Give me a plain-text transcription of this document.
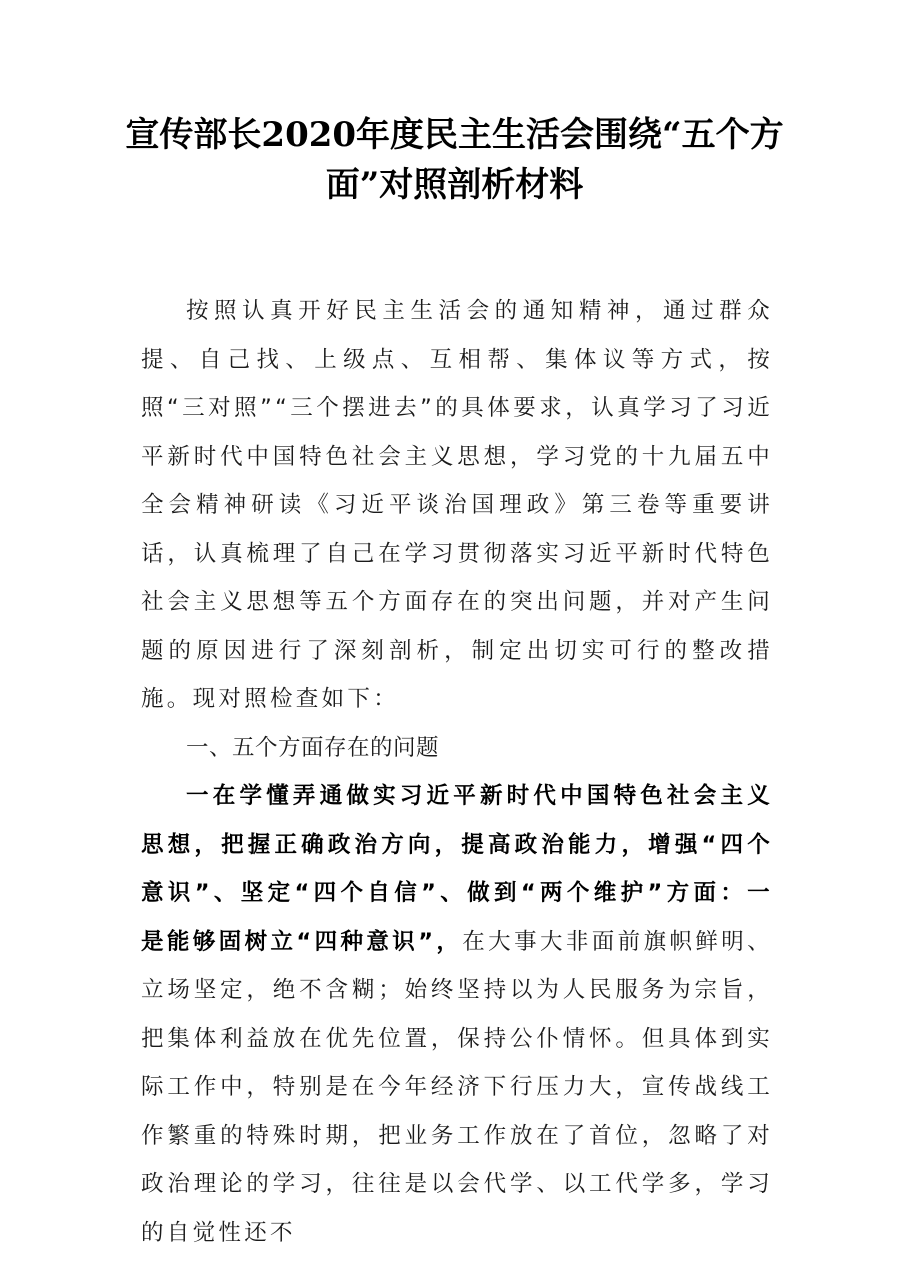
宣传部长2020年度民主生活会围绕“五个方面”对照剖析材料

按照认真开好民主生活会的通知精神，通过群众提、自己找、上级点、互相帮、集体议等方式，按照“三对照”“三个摆进去”的具体要求，认真学习了习近平新时代中国特色社会主义思想，学习党的十九届五中全会精神研读《习近平谈治国理政》第三卷等重要讲话，认真梳理了自己在学习贯彻落实习近平新时代特色社会主义思想等五个方面存在的突出问题，并对产生问题的原因进行了深刻剖析，制定出切实可行的整改措施。现对照检查如下：

一、五个方面存在的问题

一在学懂弄通做实习近平新时代中国特色社会主义思想，把握正确政治方向，提高政治能力，增强“四个意识”、坚定“四个自信”、做到“两个维护”方面：一是能够固树立“四种意识”，在大事大非面前旗帜鲜明、立场坚定，绝不含糊；始终坚持以为人民服务为宗旨，把集体利益放在优先位置，保持公仆情怀。但具体到实际工作中，特别是在今年经济下行压力大，宣传战线工作繁重的特殊时期，把业务工作放在了首位，忽略了对政治理论的学习，往往是以会代学、以工代学多，学习的自觉性还不
